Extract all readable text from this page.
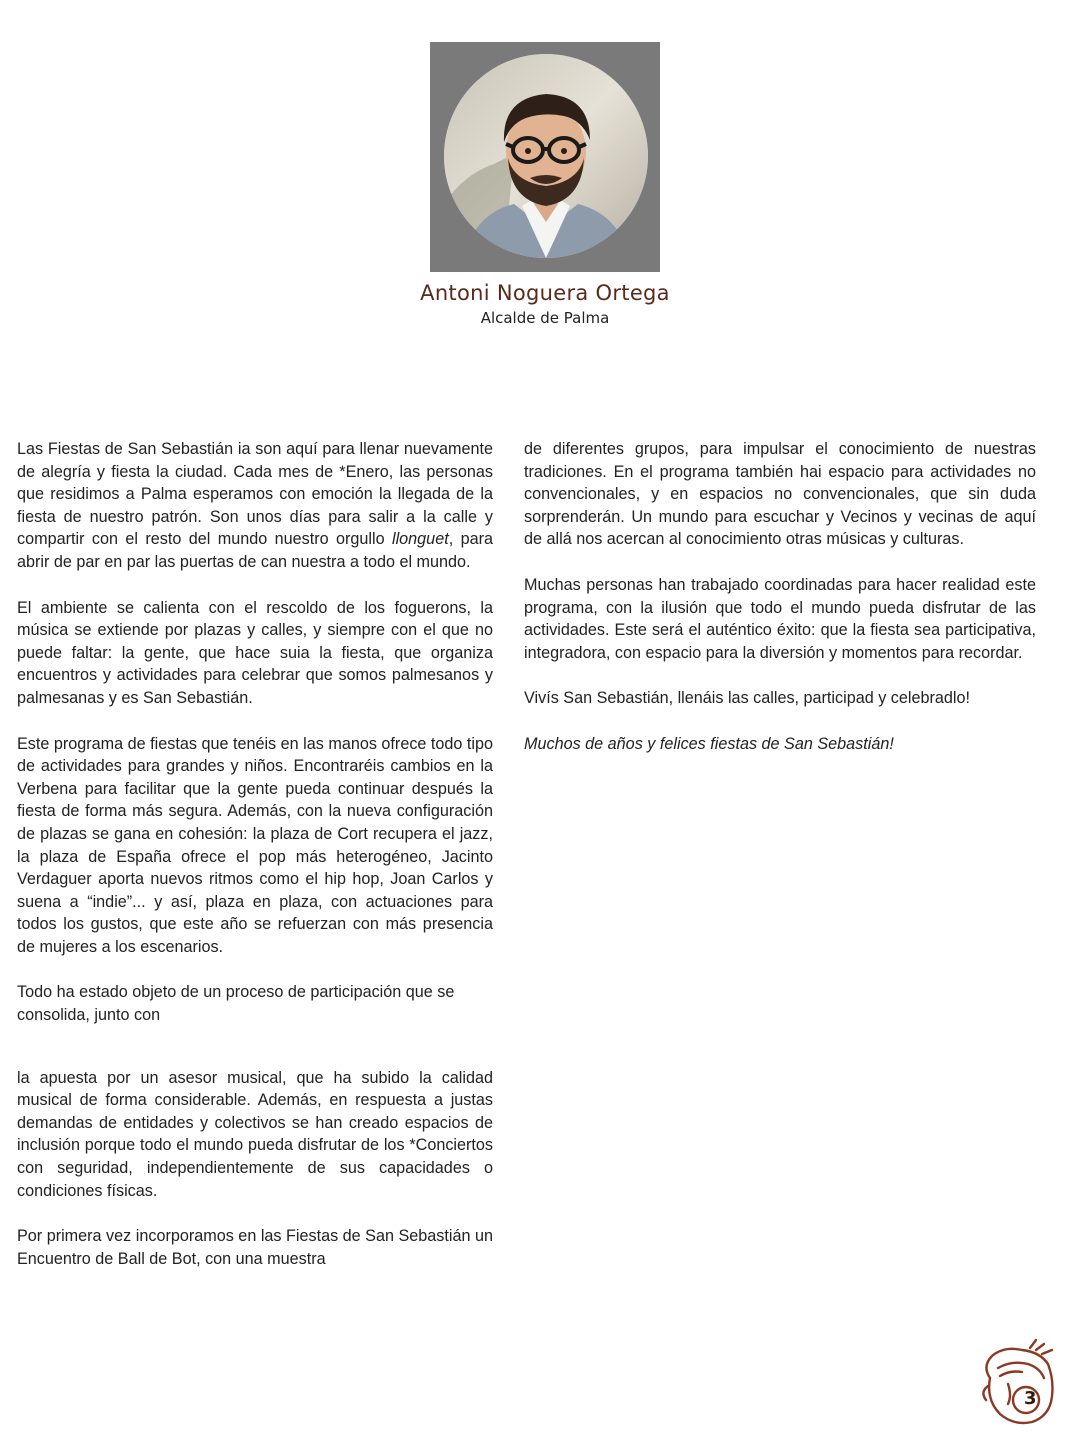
Antoni Noguera Ortega
Alcalde de Palma

Las Fiestas de San Sebastián ia son aquí para llenar nuevamente de alegría y fiesta la ciudad. Cada mes de *Enero, las personas que residimos a Palma esperamos con emoción la llegada de la fiesta de nuestro patrón. Son unos días para salir a la calle y compartir con el resto del mundo nuestro orgullo llonguet, para abrir de par en par las puertas de can nuestra a todo el mundo.

El ambiente se calienta con el rescoldo de los foguerons, la música se extiende por plazas y calles, y siempre con el que no puede faltar: la gente, que hace suia la fiesta, que organiza encuentros y actividades para celebrar que somos palmesanos y palmesanas y es San Sebastián.

Este programa de fiestas que tenéis en las manos ofrece todo tipo de actividades para grandes y niños. Encontraréis cambios en la Verbena para facilitar que la gente pueda continuar después la fiesta de forma más segura. Además, con la nueva configuración de plazas se gana en cohesión: la plaza de Cort recupera el jazz, la plaza de España ofrece el pop más heterogéneo, Jacinto Verdaguer aporta nuevos ritmos como el hip hop, Joan Carlos y suena a “indie”... y así, plaza en plaza, con actuaciones para todos los gustos, que este año se refuerzan con más presencia de mujeres a los escenarios.

Todo ha estado objeto de un proceso de participación que se consolida, junto con

la apuesta por un asesor musical, que ha subido la calidad musical de forma considerable. Además, en respuesta a justas demandas de entidades y colectivos se han creado espacios de inclusión porque todo el mundo pueda disfrutar de los *Conciertos con seguridad, independientemente de sus capacidades o condiciones físicas.

Por primera vez incorporamos en las Fiestas de San Sebastián un Encuentro de Ball de Bot, con una muestra

de diferentes grupos, para impulsar el conocimiento de nuestras tradiciones. En el programa también hai espacio para actividades no convencionales, y en espacios no convencionales, que sin duda sorprenderán. Un mundo para escuchar y Vecinos y vecinas de aquí de allá nos acercan al conocimiento otras músicas y culturas.

Muchas personas han trabajado coordinadas para hacer realidad este programa, con la ilusión que todo el mundo pueda disfrutar de las actividades. Este será el auténtico éxito: que la fiesta sea participativa, integradora, con espacio para la diversión y momentos para recordar.

Vivís San Sebastián, llenáis las calles, participad y celebradlo!

Muchos de años y felices fiestas de San Sebastián!

3
